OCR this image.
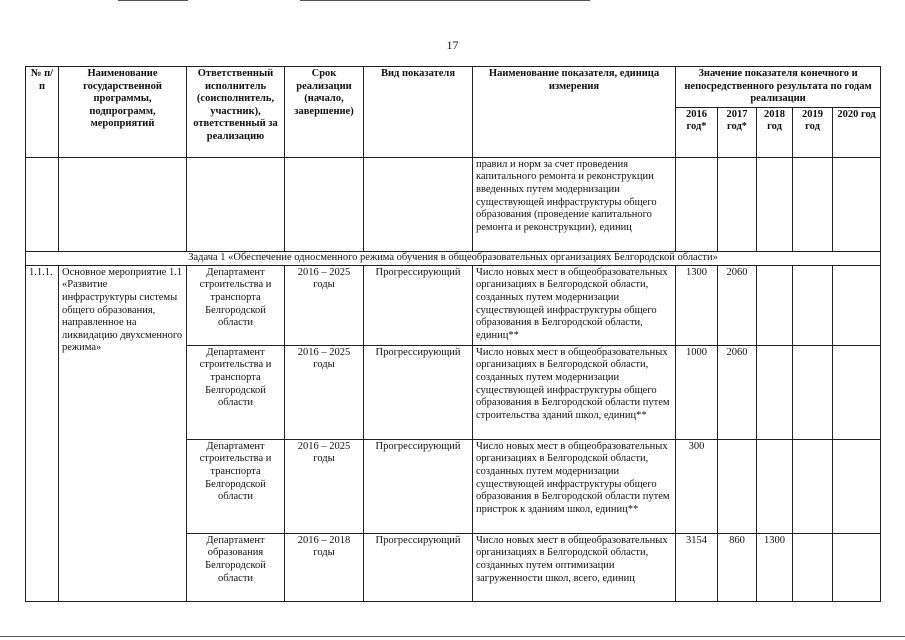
17
№ п/п	Наименование государственной программы, подпрограмм, мероприятий	Ответственный исполнитель (соисполнитель, участник), ответственный за реализацию	Срок реализации (начало, завершение)	Вид показателя	Наименование показателя, единица измерения	Значение показателя конечного и непосредственного результата по годам реализации				
						2016 год*	2017 год*	2018 год	2019 год	2020 год
					правил и норм за счет проведения капитального ремонта и реконструкции введенных путем модернизации существующей инфраструктуры общего образования (проведение капитального ремонта и реконструкции), единиц					
Задача 1 «Обеспечение односменного режима обучения в общеобразовательных организациях Белгородской области»										
1.1.1.	Основное мероприятие 1.1 «Развитие инфраструктуры системы общего образования, направленное на ликвидацию двухсменного режима»	Департамент строительства и транспорта Белгородской области	2016 – 2025 годы	Прогрессирующий	Число новых мест в общеобразовательных организациях в Белгородской области, созданных путем модернизации существующей инфраструктуры общего образования в Белгородской области, единиц**	1300	2060			
		Департамент строительства и транспорта Белгородской области	2016 – 2025 годы	Прогрессирующий	Число новых мест в общеобразовательных организациях в Белгородской области, созданных путем модернизации существующей инфраструктуры общего образования в Белгородской области путем строительства зданий школ, единиц**	1000	2060			
		Департамент строительства и транспорта Белгородской области	2016 – 2025 годы	Прогрессирующий	Число новых мест в общеобразовательных организациях в Белгородской области, созданных путем модернизации существующей инфраструктуры общего образования в Белгородской области путем пристрок к зданиям школ, единиц**	300				
		Департамент образования Белгородской области	2016 – 2018 годы	Прогрессирующий	Число новых мест в общеобразовательных организациях в Белгородской области, созданных путем оптимизации загруженности школ, всего, единиц	3154	860	1300		
